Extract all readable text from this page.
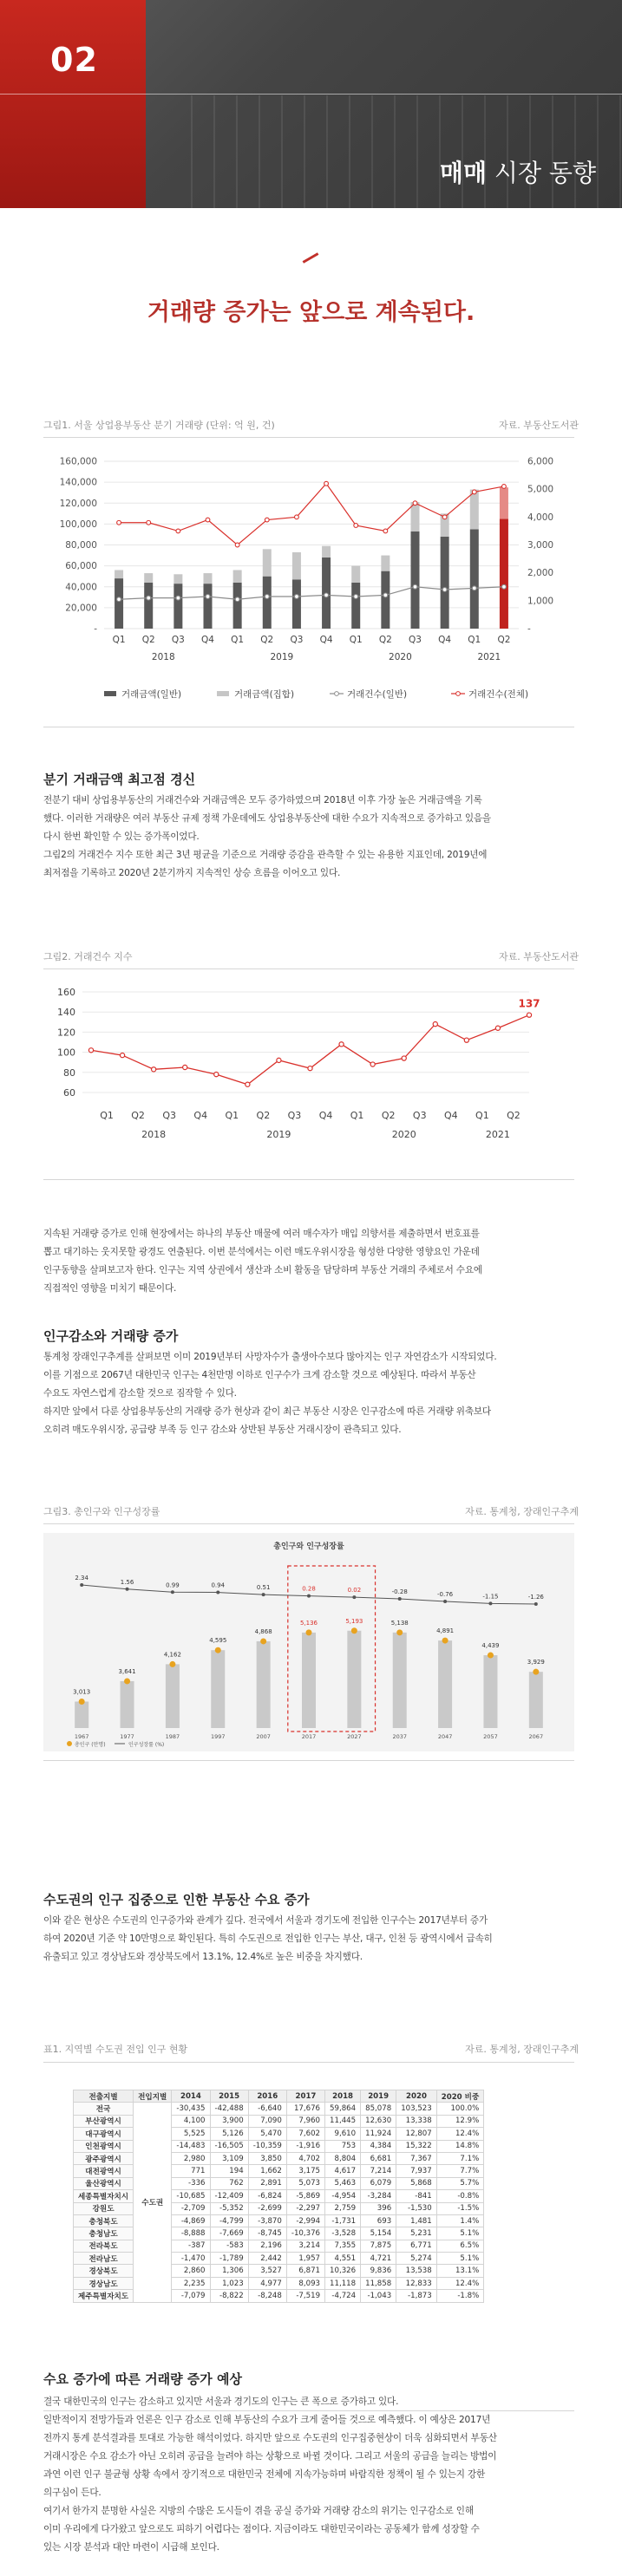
02
매매 시장 동향
거래량 증가는 앞으로 계속된다.
그림1. 서울 상업용부동산 분기 거래량 (단위: 억 원, 건)	자료. 부동산도서관
160,000
140,000
120,000
100,000
80,000
60,000
40,000
20,000
-
6,000
5,000
4,000
3,000
2,000
1,000
-
Q1 Q2 Q3 Q4 Q1 Q2 Q3 Q4 Q1 Q2 Q3 Q4 Q1 Q2
2018	2019	2020	2021
거래금액(일반)	거래금액(집합)	거래건수(일반)	거래건수(전체)
분기 거래금액 최고점 경신

전분기 대비 상업용부동산의 거래건수와 거래금액은 모두 증가하였으며 2018년 이후 가장 높은 거래금액을 기록

했다. 이러한 거래량은 여러 부동산 규제 정책 가운데에도 상업용부동산에 대한 수요가 지속적으로 증가하고 있음을

다시 한번 확인할 수 있는 증가폭이었다.

그림2의 거래건수 지수 또한 최근 3년 평균을 기준으로 거래량 증감을 관측할 수 있는 유용한 지표인데, 2019년에

최저점을 기록하고 2020년 2분기까지 지속적인 상승 흐름을 이어오고 있다.

그림2. 거래건수 지수	자료. 부동산도서관
160
140
120
100
80
60
Q1 Q2 Q3 Q4 Q1 Q2 Q3 Q4 Q1 Q2 Q3 Q4 Q1 Q2
2018	2019	2020	2021
137

지속된 거래량 증가로 인해 현장에서는 하나의 부동산 매물에 여러 매수자가 매입 의향서를 제출하면서 번호표를

뽑고 대기하는 웃지못할 광경도 연출된다. 이번 분석에서는 이런 매도우위시장을 형성한 다양한 영향요인 가운데

인구동향을 살펴보고자 한다. 인구는 지역 상권에서 생산과 소비 활동을 담당하며 부동산 거래의 주체로서 수요에

직접적인 영향을 미치기 때문이다.

인구감소와 거래량 증가

통계청 장래인구추계를 살펴보면 이미 2019년부터 사망자수가 출생아수보다 많아지는 인구 자연감소가 시작되었다.

이를 기점으로 2067년 대한민국 인구는 4천만명 이하로 인구수가 크게 감소할 것으로 예상된다. 따라서 부동산

수요도 자연스럽게 감소할 것으로 짐작할 수 있다.

하지만 앞에서 다룬 상업용부동산의 거래량 증가 현상과 같이 최근 부동산 시장은 인구감소에 따른 거래량 위축보다

오히려 매도우위시장, 공급량 부족 등 인구 감소와 상반된 부동산 거래시장이 관측되고 있다.

그림3. 총인구와 인구성장률	자료. 통계청, 장래인구추계
총인구와 인구성장률
3,013
1967
2.34
3,641
1977
1.56
4,162
1987
0.99
4,595
1997
0.94
4,868
2007
0.51
5,136
2017
0.28
5,193
2027
0.02
5,138
2037
-0.28
4,891
2047
-0.76
4,439
2057
-1.15
3,929
2067
-1.26
총인구 (만명)	인구성장률 (%)
수도권의 인구 집중으로 인한 부동산 수요 증가

이와 같은 현상은 수도권의 인구증가와 관계가 깊다. 전국에서 서울과 경기도에 전입한 인구수는 2017년부터 증가

하여 2020년 기준 약 10만명으로 확인된다. 특히 수도권으로 전입한 인구는 부산, 대구, 인천 등 광역시에서 급속히

유출되고 있고 경상남도와 경상북도에서 13.1%, 12.4%로 높은 비중을 차지했다.

표1. 지역별 수도권 전입 인구 현황	자료. 통계청, 장래인구추계
전출지별	전입지별	2014	2015	2016	2017	2018	2019	2020	2020 비중
전국	수도권	-30,435	-42,488	-6,640	17,676	59,864	85,078	103,523	100.0%
부산광역시		4,100	3,900	7,090	7,960	11,445	12,630	13,338	12.9%
대구광역시		5,525	5,126	5,470	7,602	9,610	11,924	12,807	12.4%
인천광역시		-14,483	-16,505	-10,359	-1,916	753	4,384	15,322	14.8%
광주광역시		2,980	3,109	3,850	4,702	8,804	6,681	7,367	7.1%
대전광역시		771	194	1,662	3,175	4,617	7,214	7,937	7.7%
울산광역시		-336	762	2,891	5,073	5,463	6,079	5,868	5.7%
세종특별자치시		-10,685	-12,409	-6,824	-5,869	-4,954	-3,284	-841	-0.8%
강원도		-2,709	-5,352	-2,699	-2,297	2,759	396	-1,530	-1.5%
충청북도		-4,869	-4,799	-3,870	-2,994	-1,731	693	1,481	1.4%
충청남도		-8,888	-7,669	-8,745	-10,376	-3,528	5,154	5,231	5.1%
전라북도		-387	-583	2,196	3,214	7,355	7,875	6,771	6.5%
전라남도		-1,470	-1,789	2,442	1,957	4,551	4,721	5,274	5.1%
경상북도		2,860	1,306	3,527	6,871	10,326	9,836	13,538	13.1%
경상남도		2,235	1,023	4,977	8,093	11,118	11,858	12,833	12.4%
제주특별자치도		-7,079	-8,822	-8,248	-7,519	-4,724	-1,043	-1,873	-1.8%
수요 증가에 따른 거래량 증가 예상

결국 대한민국의 인구는 감소하고 있지만 서울과 경기도의 인구는 큰 폭으로 증가하고 있다.

일반적이지 전망가들과 언론은 인구 감소로 인해 부동산의 수요가 크게 줄어들 것으로 예측했다. 이 예상은 2017년

전까지 통계 분석결과를 토대로 가능한 해석이었다. 하지만 앞으로 수도권의 인구집중현상이 더욱 심화되면서 부동산

거래시장은 수요 감소가 아닌 오히려 공급을 늘려야 하는 상황으로 바뀔 것이다. 그리고 서울의 공급을 늘리는 방법이

과연 이런 인구 불균형 상황 속에서 장기적으로 대한민국 전체에 지속가능하며 바람직한 정책이 될 수 있는지 강한

의구심이 든다.

여기서 한가지 분명한 사실은 지방의 수많은 도시들이 겪을 공실 증가와 거래량 감소의 위기는 인구감소로 인해

이미 우리에게 다가왔고 앞으로도 피하기 어렵다는 점이다. 지금이라도 대한민국이라는 공동체가 함께 성장할 수

있는 시장 분석과 대안 마련이 시급해 보인다.
